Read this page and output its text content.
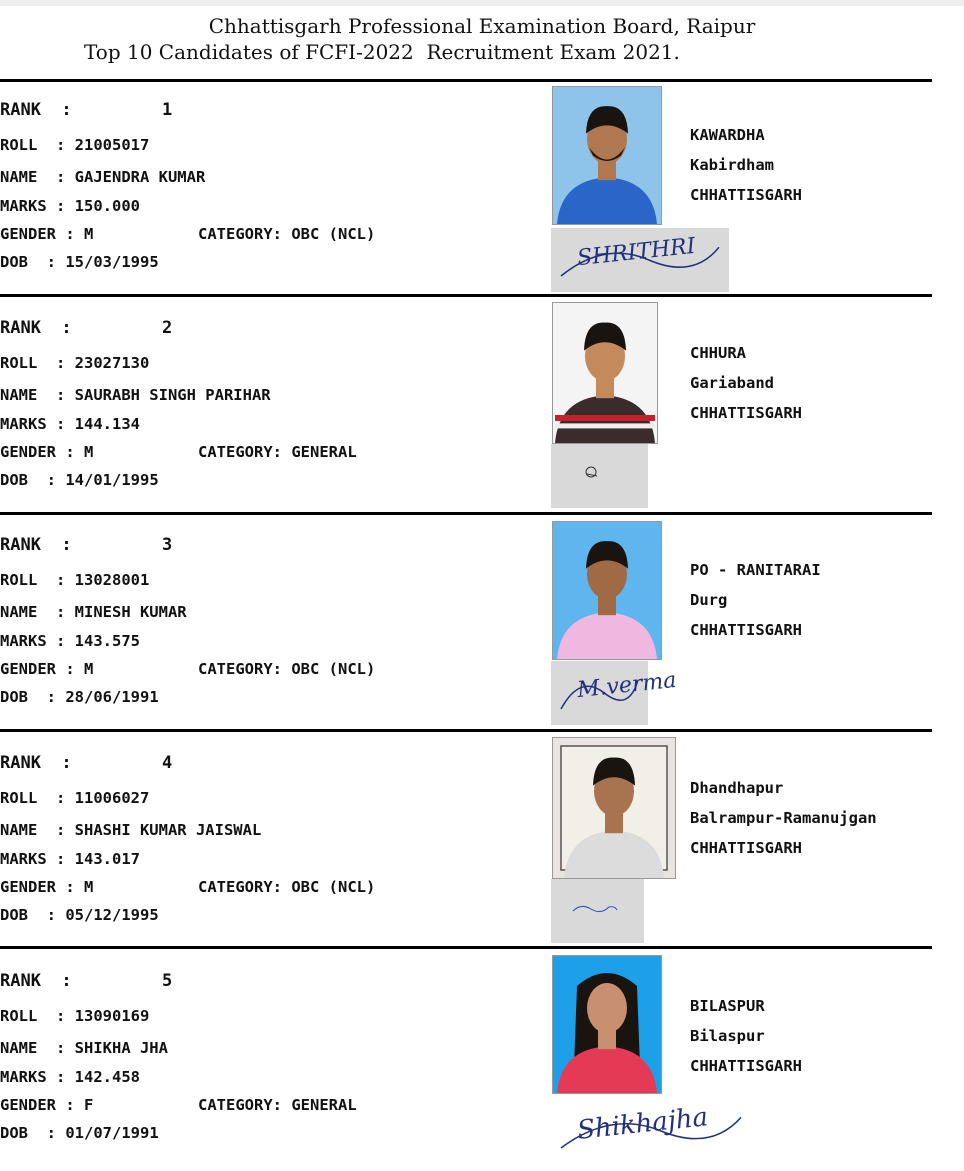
Chhattisgarh Professional Examination Board, Raipur
Top 10 Candidates of FCFI-2022  Recruitment Exam 2021.
RANK  :
ROLL  : 21005017
NAME  : GAJENDRA KUMAR
MARKS : 150.000
GENDER : M
DOB  : 15/03/1995
1
CATEGORY: OBC (NCL)
KAWARDHA
Kabirdham
CHHATTISGARH
SHRITHRI
RANK  :
ROLL  : 23027130
NAME  : SAURABH SINGH PARIHAR
MARKS : 144.134
GENDER : M
DOB  : 14/01/1995
2
CATEGORY: GENERAL
CHHURA
Gariaband
CHHATTISGARH
RANK  :
ROLL  : 13028001
NAME  : MINESH KUMAR
MARKS : 143.575
GENDER : M
DOB  : 28/06/1991
3
CATEGORY: OBC (NCL)
PO - RANITARAI
Durg
CHHATTISGARH
M.verma
RANK  :
ROLL  : 11006027
NAME  : SHASHI KUMAR JAISWAL
MARKS : 143.017
GENDER : M
DOB  : 05/12/1995
4
CATEGORY: OBC (NCL)
Dhandhapur
Balrampur-Ramanujgan
CHHATTISGARH
RANK  :
ROLL  : 13090169
NAME  : SHIKHA JHA
MARKS : 142.458
GENDER : F
DOB  : 01/07/1991
5
CATEGORY: GENERAL
BILASPUR
Bilaspur
CHHATTISGARH
Shikhajha
